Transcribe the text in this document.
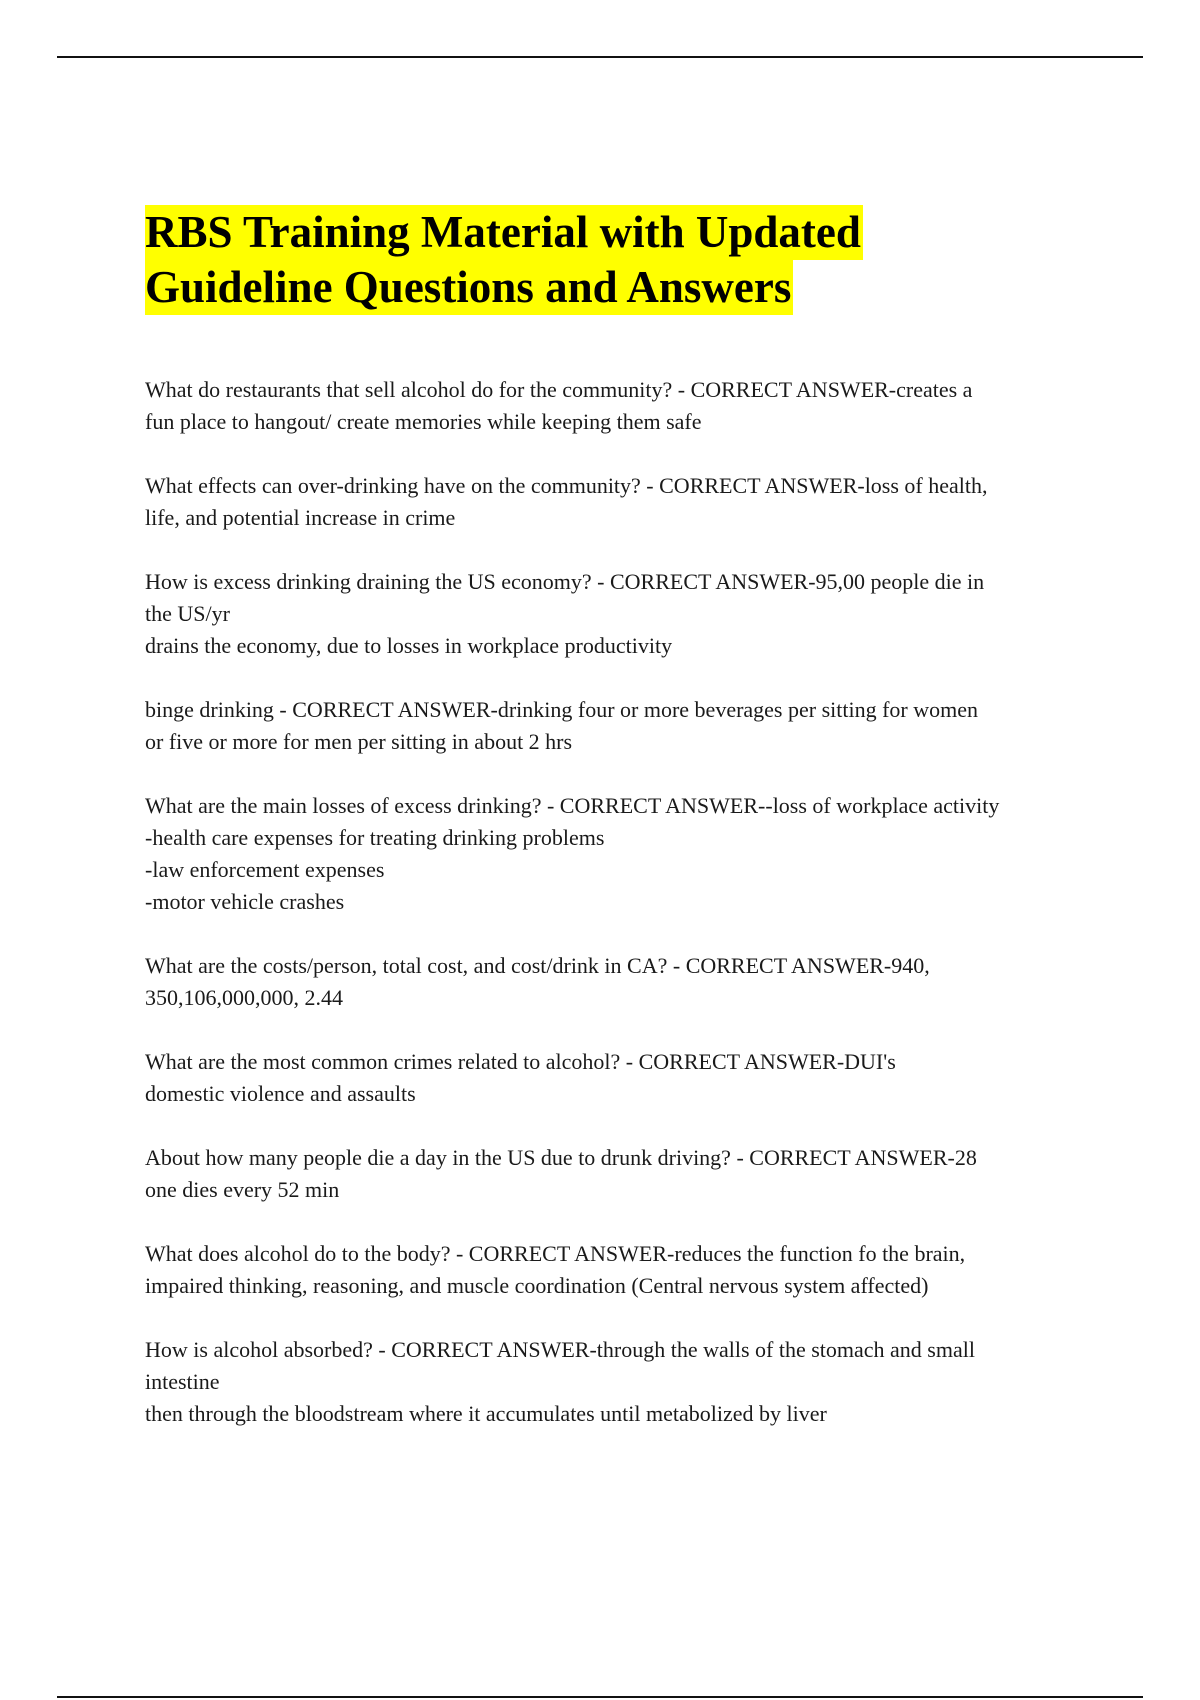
RBS Training Material with Updated
Guideline Questions and Answers

What do restaurants that sell alcohol do for the community? - CORRECT ANSWER-creates a
fun place to hangout/ create memories while keeping them safe

What effects can over-drinking have on the community? - CORRECT ANSWER-loss of health,
life, and potential increase in crime

How is excess drinking draining the US economy? - CORRECT ANSWER-95,00 people die in
the US/yr
drains the economy, due to losses in workplace productivity

binge drinking - CORRECT ANSWER-drinking four or more beverages per sitting for women
or five or more for men per sitting in about 2 hrs

What are the main losses of excess drinking? - CORRECT ANSWER--loss of workplace activity
-health care expenses for treating drinking problems
-law enforcement expenses
-motor vehicle crashes

What are the costs/person, total cost, and cost/drink in CA? - CORRECT ANSWER-940,
350,106,000,000, 2.44

What are the most common crimes related to alcohol? - CORRECT ANSWER-DUI's
domestic violence and assaults

About how many people die a day in the US due to drunk driving? - CORRECT ANSWER-28
one dies every 52 min

What does alcohol do to the body? - CORRECT ANSWER-reduces the function fo the brain,
impaired thinking, reasoning, and muscle coordination (Central nervous system affected)

How is alcohol absorbed? - CORRECT ANSWER-through the walls of the stomach and small
intestine
then through the bloodstream where it accumulates until metabolized by liver
